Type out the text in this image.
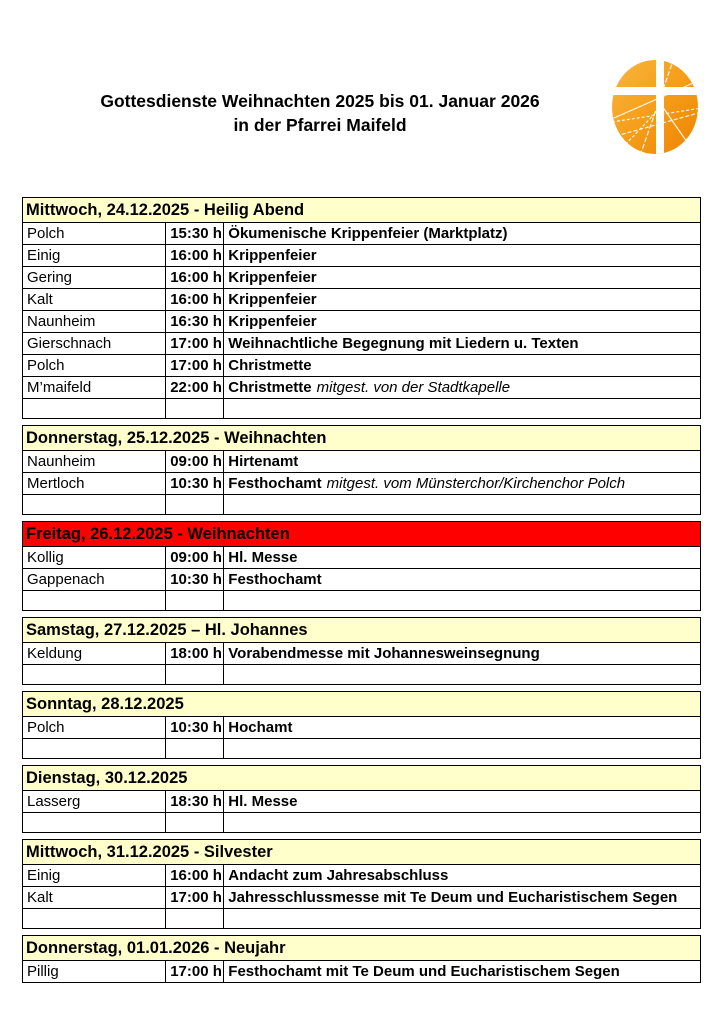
Gottesdienste Weihnachten 2025 bis 01. Januar 2026
in der Pfarrei Maifeld
Mittwoch, 24.12.2025 - Heilig Abend		
Polch	15:30 h	Ökumenische Krippenfeier (Marktplatz)
Einig	16:00 h	Krippenfeier
Gering	16:00 h	Krippenfeier
Kalt	16:00 h	Krippenfeier
Naunheim	16:30 h	Krippenfeier
Gierschnach	17:00 h	Weihnachtliche Begegnung mit Liedern u. Texten
Polch	17:00 h	Christmette
M’maifeld	22:00 h	Christmette mitgest. von der Stadtkapelle

Donnerstag, 25.12.2025 - Weihnachten		
Naunheim	09:00 h	Hirtenamt
Mertloch	10:30 h	Festhochamt mitgest. vom Münsterchor/Kirchenchor Polch

Freitag, 26.12.2025 - Weihnachten		
Kollig	09:00 h	Hl. Messe
Gappenach	10:30 h	Festhochamt

Samstag, 27.12.2025 – Hl. Johannes		
Keldung	18:00 h	Vorabendmesse mit Johannesweinsegnung

Sonntag, 28.12.2025		
Polch	10:30 h	Hochamt

Dienstag, 30.12.2025		
Lasserg	18:30 h	Hl. Messe

Mittwoch, 31.12.2025 - Silvester		
Einig	16:00 h	Andacht zum Jahresabschluss
Kalt	17:00 h	Jahresschlussmesse mit Te Deum und Eucharistischem Segen

Donnerstag, 01.01.2026 - Neujahr
Pillig	17:00 h	Festhochamt mit Te Deum und Eucharistischem Segen
